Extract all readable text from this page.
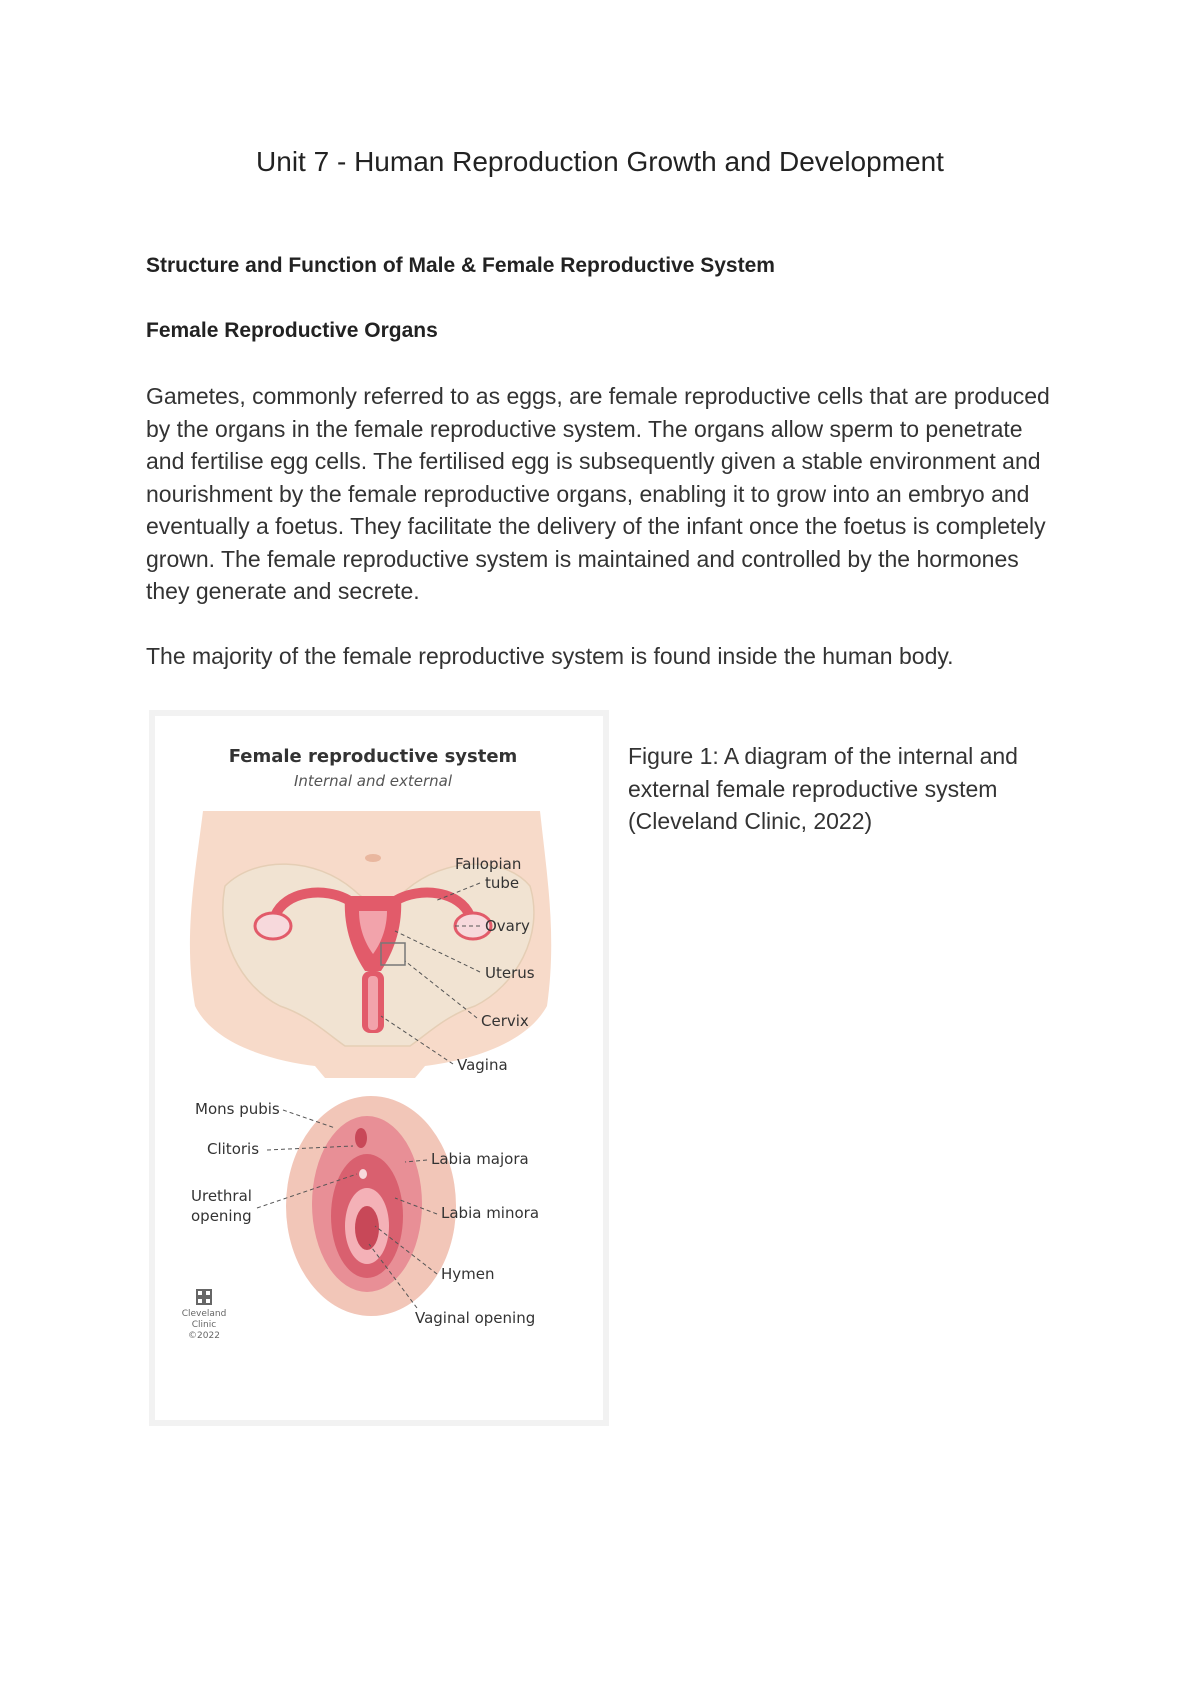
Unit 7 - Human Reproduction Growth and Development
Structure and Function of Male & Female Reproductive System
Female Reproductive Organs

Gametes, commonly referred to as eggs, are female reproductive cells that are produced by the organs in the female reproductive system. The organs allow sperm to penetrate and fertilise egg cells. The fertilised egg is subsequently given a stable environment and nourishment by the female reproductive organs, enabling it to grow into an embryo and eventually a foetus. They facilitate the delivery of the infant once the foetus is completely grown. The female reproductive system is maintained and controlled by the hormones they generate and secrete.

The majority of the female reproductive system is found inside the human body.

Female reproductive system
Internal and external
Fallopian
tube
Ovary
Uterus
Cervix
Vagina
Mons pubis
Clitoris
Urethral
opening
Labia majora
Labia minora
Hymen
Vaginal opening
Cleveland
Clinic
©2022

Figure 1: A diagram of the internal and external female reproductive system (Cleveland Clinic, 2022)
